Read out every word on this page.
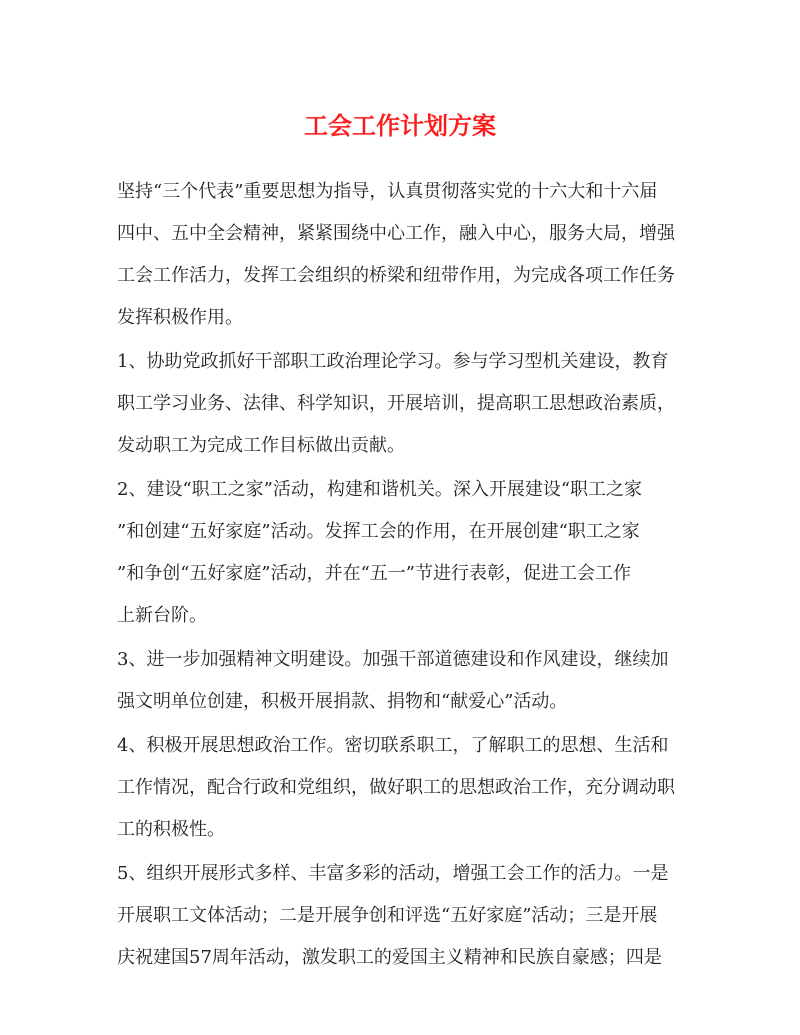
工会工作计划方案
坚持“三个代表”重要思想为指导，认真贯彻落实党的十六大和十六届
四中、五中全会精神，紧紧围绕中心工作，融入中心，服务大局，增强
工会工作活力，发挥工会组织的桥梁和纽带作用，为完成各项工作任务
发挥积极作用。
1、协助党政抓好干部职工政治理论学习。参与学习型机关建设，教育
职工学习业务、法律、科学知识，开展培训，提高职工思想政治素质，
发动职工为完成工作目标做出贡献。
2、建设“职工之家”活动，构建和谐机关。深入开展建设“职工之家
”和创建“五好家庭”活动。发挥工会的作用，在开展创建“职工之家
”和争创“五好家庭”活动，并在“五一”节进行表彰，促进工会工作
上新台阶。
3、进一步加强精神文明建设。加强干部道德建设和作风建设，继续加
强文明单位创建，积极开展捐款、捐物和“献爱心”活动。
4、积极开展思想政治工作。密切联系职工，了解职工的思想、生活和
工作情况，配合行政和党组织，做好职工的思想政治工作，充分调动职
工的积极性。
5、组织开展形式多样、丰富多彩的活动，增强工会工作的活力。一是
开展职工文体活动；二是开展争创和评选“五好家庭”活动；三是开展
庆祝建国57周年活动，激发职工的爱国主义精神和民族自豪感；四是
